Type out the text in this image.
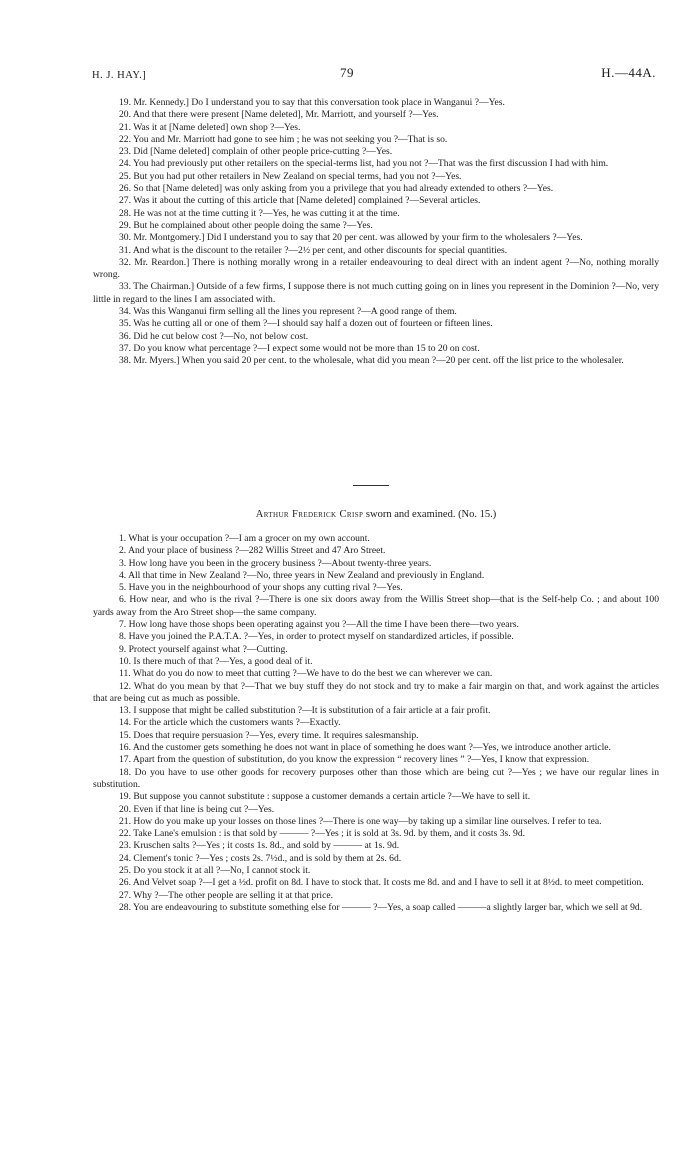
H. J. HAY.]	79	H.—44A.

19. Mr. Kennedy.] Do I understand you to say that this conversation took place in Wanganui ?—Yes.

20. And that there were present [Name deleted], Mr. Marriott, and yourself ?—Yes.

21. Was it at [Name deleted] own shop ?—Yes.

22. You and Mr. Marriott had gone to see him ; he was not seeking you ?—That is so.

23. Did [Name deleted] complain of other people price-cutting ?—Yes.

24. You had previously put other retailers on the special-terms list, had you not ?—That was the first discussion I had with him.

25. But you had put other retailers in New Zealand on special terms, had you not ?—Yes.

26. So that [Name deleted] was only asking from you a privilege that you had already extended to others ?—Yes.

27. Was it about the cutting of this article that [Name deleted] complained ?—Several articles.

28. He was not at the time cutting it ?—Yes, he was cutting it at the time.

29. But he complained about other people doing the same ?—Yes.

30. Mr. Montgomery.] Did I understand you to say that 20 per cent. was allowed by your firm to the wholesalers ?—Yes.

31. And what is the discount to the retailer ?—2½ per cent, and other discounts for special quantities.

32. Mr. Reardon.] There is nothing morally wrong in a retailer endeavouring to deal direct with an indent agent ?—No, nothing morally wrong.

33. The Chairman.] Outside of a few firms, I suppose there is not much cutting going on in lines you represent in the Dominion ?—No, very little in regard to the lines I am associated with.

34. Was this Wanganui firm selling all the lines you represent ?—A good range of them.

35. Was he cutting all or one of them ?—I should say half a dozen out of fourteen or fifteen lines.

36. Did he cut below cost ?—No, not below cost.

37. Do you know what percentage ?—I expect some would not be more than 15 to 20 on cost.

38. Mr. Myers.] When you said 20 per cent. to the wholesale, what did you mean ?—20 per cent. off the list price to the wholesaler.

Arthur Frederick Crisp sworn and examined. (No. 15.)

1. What is your occupation ?—I am a grocer on my own account.

2. And your place of business ?—282 Willis Street and 47 Aro Street.

3. How long have you been in the grocery business ?—About twenty-three years.

4. All that time in New Zealand ?—No, three years in New Zealand and previously in England.

5. Have you in the neighbourhood of your shops any cutting rival ?—Yes.

6. How near, and who is the rival ?—There is one six doors away from the Willis Street shop—that is the Self-help Co. ; and about 100 yards away from the Aro Street shop—the same company.

7. How long have those shops been operating against you ?—All the time I have been there—two years.

8. Have you joined the P.A.T.A. ?—Yes, in order to protect myself on standardized articles, if possible.

9. Protect yourself against what ?—Cutting.

10. Is there much of that ?—Yes, a good deal of it.

11. What do you do now to meet that cutting ?—We have to do the best we can wherever we can.

12. What do you mean by that ?—That we buy stuff they do not stock and try to make a fair margin on that, and work against the articles that are being cut as much as possible.

13. I suppose that might be called substitution ?—It is substitution of a fair article at a fair profit.

14. For the article which the customers wants ?—Exactly.

15. Does that require persuasion ?—Yes, every time. It requires salesmanship.

16. And the customer gets something he does not want in place of something he does want ?—Yes, we introduce another article.

17. Apart from the question of substitution, do you know the expression “ recovery lines ” ?—Yes, I know that expression.

18. Do you have to use other goods for recovery purposes other than those which are being cut ?—Yes ; we have our regular lines in substitution.

19. But suppose you cannot substitute : suppose a customer demands a certain article ?—We have to sell it.

20. Even if that line is being cut ?—Yes.

21. How do you make up your losses on those lines ?—There is one way—by taking up a similar line ourselves. I refer to tea.

22. Take Lane's emulsion : is that sold by ——— ?—Yes ; it is sold at 3s. 9d. by them, and it costs 3s. 9d.

23. Kruschen salts ?—Yes ; it costs 1s. 8d., and sold by ——— at 1s. 9d.

24. Clement's tonic ?—Yes ; costs 2s. 7½d., and is sold by them at 2s. 6d.

25. Do you stock it at all ?—No, I cannot stock it.

26. And Velvet soap ?—I get a ½d. profit on 8d. I have to stock that. It costs me 8d. and and I have to sell it at 8½d. to meet competition.

27. Why ?—The other people are selling it at that price.

28. You are endeavouring to substitute something else for ——— ?—Yes, a soap called ———a slightly larger bar, which we sell at 9d.
